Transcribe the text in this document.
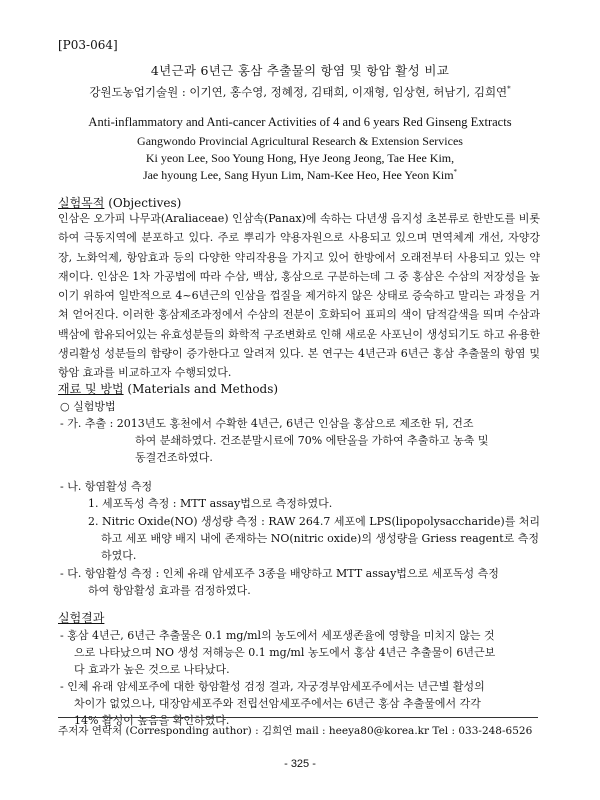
[P03-064]
4년근과 6년근 홍삼 추출물의 항염 및 항암 활성 비교
강원도농업기술원 : 이기연, 홍수영, 정혜정, 김태희, 이재형, 임상현, 허남기, 김희연*
Anti-inflammatory and Anti-cancer Activities of 4 and 6 years Red Ginseng Extracts
Gangwondo Provincial Agricultural Research & Extension Services
Ki yeon Lee, Soo Young Hong, Hye Jeong Jeong, Tae Hee Kim,
Jae hyoung Lee, Sang Hyun Lim, Nam-Kee Heo, Hee Yeon Kim*
실험목적 (Objectives)
인삼은 오가피 나무과(Araliaceae) 인삼속(Panax)에 속하는 다년생 음지성 초본류로 한반도를 비롯하여 극동지역에 분포하고 있다. 주로 뿌리가 약용자원으로 사용되고 있으며 면역체계 개선, 자양강장, 노화억제, 항암효과 등의 다양한 약리작용을 가지고 있어 한방에서 오래전부터 사용되고 있는 약재이다. 인삼은 1차 가공법에 따라 수삼, 백삼, 홍삼으로 구분하는데 그 중 홍삼은 수삼의 저장성을 높이기 위하여 일반적으로 4~6년근의 인삼을 껍질을 제거하지 않은 상태로 증숙하고 말리는 과정을 거쳐 얻어진다. 이러한 홍삼제조과정에서 수삼의 전분이 호화되어 표피의 색이 담적갈색을 띄며 수삼과 백삼에 함유되어있는 유효성분들의 화학적 구조변화로 인해 새로운 사포닌이 생성되기도 하고 유용한 생리활성 성분들의 함량이 증가한다고 알려져 있다. 본 연구는 4년근과 6년근 홍삼 추출물의 항염 및 항암 효과를 비교하고자 수행되었다.
재료 및 방법 (Materials and Methods)
○ 실험방법
- 가. 추출 : 2013년도 홍천에서 수확한 4년근, 6년근 인삼을 홍삼으로 제조한 뒤, 건조
하여 분쇄하였다. 건조분말시료에 70% 에탄올을 가하여 추출하고 농축 및
동결건조하였다.
- 나. 항염활성 측정
1. 세포독성 측정 : MTT assay법으로 측정하였다.
2. Nitric Oxide(NO) 생성량 측정 : RAW 264.7 세포에 LPS(lipopolysaccharide)를 처리
하고 세포 배양 배지 내에 존재하는 NO(nitric oxide)의 생성량을 Griess reagent로 측정
하였다.
- 다. 항암활성 측정 : 인체 유래 암세포주 3종을 배양하고 MTT assay법으로 세포독성 측정
하여 항암활성 효과를 검정하였다.
실험결과
- 홍삼 4년근, 6년근 추출물은 0.1 mg/ml의 농도에서 세포생존율에 영향을 미치지 않는 것
으로 나타났으며 NO 생성 저해능은 0.1 mg/ml 농도에서 홍삼 4년근 추출물이 6년근보
다 효과가 높은 것으로 나타났다.
- 인체 유래 암세포주에 대한 항암활성 검정 결과, 자궁경부암세포주에서는 년근별 활성의
차이가 없었으나, 대장암세포주와 전립선암세포주에서는 6년근 홍삼 추출물에서 각각
14% 활성이 높음을 확인하였다.
주저자 연락처 (Corresponding author) : 김희연 mail : heeya80@korea.kr Tel : 033-248-6526
- 325 -
